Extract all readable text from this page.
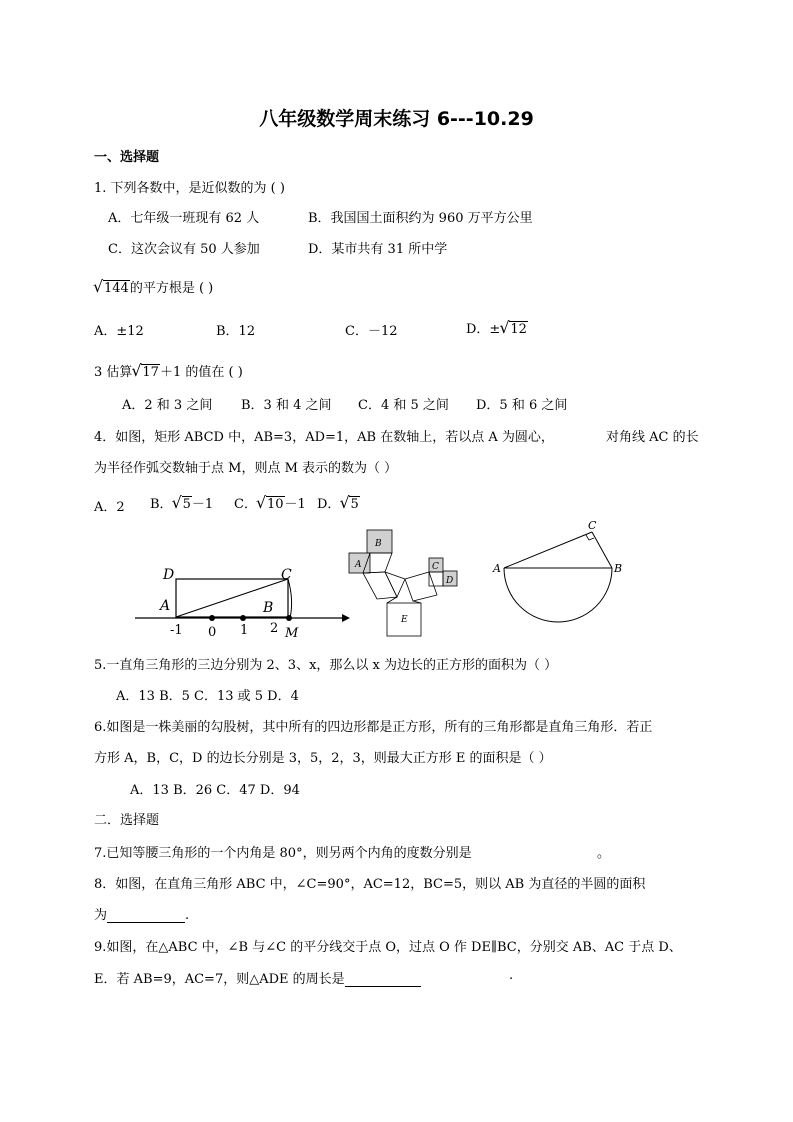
八年级数学周末练习 6---10.29
一、选择题
1. 下列各数中，是近似数的为 ( )
A．七年级一班现有 62 人	B．我国国土面积约为 960 万平方公里
C．这次会议有 50 人参加	D．某市共有 31 所中学
√ 144的平方根是 ( )
A．±12	B．12	C．－12	D．± √ 12
3 估算 √ 17＋1 的值在 ( )
A．2 和 3 之间 B．3 和 4 之间 C．4 和 5 之间 D．5 和 6 之间
4．如图，矩形 ABCD 中，AB=3，AD=1，AB 在数轴上，若以点 A 为圆心，	对角线 AC 的长
为半径作弧交数轴于点 M，则点 M 表示的数为（ ）
A．2 B． √ 5－1 C． √ 10－1 D． √ 5
D	C
A	B
-1 0 1 2 M
B
A	C
D
E
A	B
C
5.一直角三角形的三边分别为 2、3、x，那么以 x 为边长的正方形的面积为（ ）
A．13 B．5 C．13 或 5 D．4
6.如图是一株美丽的勾股树，其中所有的四边形都是正方形，所有的三角形都是直角三角形．若正
方形 A，B，C，D 的边长分别是 3，5，2，3，则最大正方形 E 的面积是（ ）
A．13 B．26 C．47 D．94
二．选择题
7.已知等腰三角形的一个内角是 80°，则另两个内角的度数分别是	。
8．如图，在直角三角形 ABC 中，∠C=90°，AC=12，BC=5，则以 AB 为直径的半圆的面积
为	.
9.如图，在△ABC 中，∠B 与∠C 的平分线交于点 O，过点 O 作 DE∥BC，分别交 AB、AC 于点 D、
E．若 AB=9，AC=7，则△ADE 的周长是	.
